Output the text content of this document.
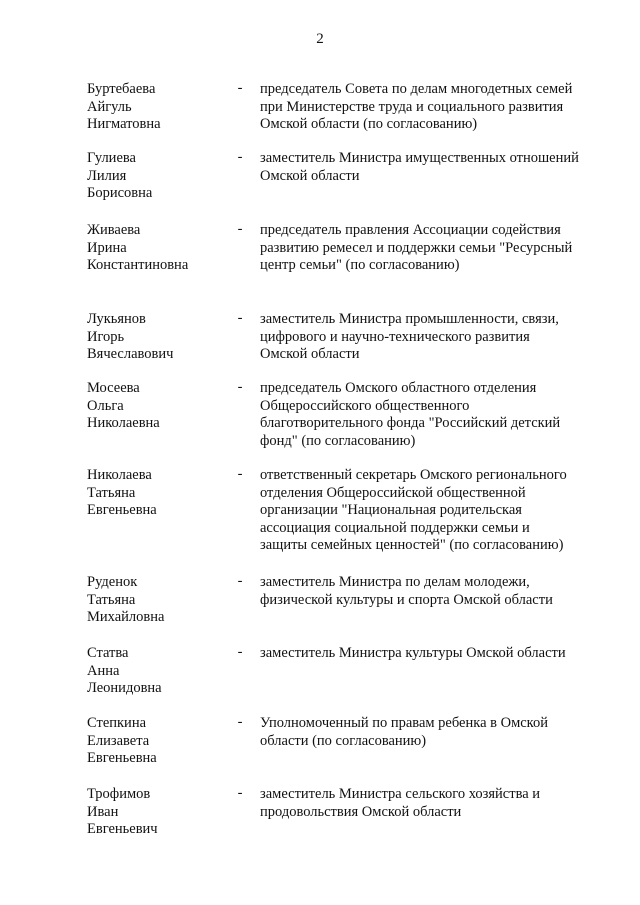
2
Буртебаева
Айгуль
Нигматовна
- председатель Совета по делам многодетных семей
при Министерстве труда и социального развития
Омской области (по согласованию)
Гулиева
Лилия
Борисовна
- заместитель Министра имущественных отношений
Омской области
Живаева
Ирина
Константиновна
- председатель правления Ассоциации содействия
развитию ремесел и поддержки семьи "Ресурсный
центр семьи" (по согласованию)
Лукьянов
Игорь
Вячеславович
- заместитель Министра промышленности, связи,
цифрового и научно-технического развития
Омской области
Мосеева
Ольга
Николаевна
- председатель Омского областного отделения
Общероссийского общественного
благотворительного фонда "Российский детский
фонд" (по согласованию)
Николаева
Татьяна
Евгеньевна
- ответственный секретарь Омского регионального
отделения Общероссийской общественной
организации "Национальная родительская
ассоциация социальной поддержки семьи и
защиты семейных ценностей" (по согласованию)
Руденок
Татьяна
Михайловна
- заместитель Министра по делам молодежи,
физической культуры и спорта Омской области
Статва
Анна
Леонидовна
- заместитель Министра культуры Омской области
Степкина
Елизавета
Евгеньевна
- Уполномоченный по правам ребенка в Омской
области (по согласованию)
Трофимов
Иван
Евгеньевич
- заместитель Министра сельского хозяйства и
продовольствия Омской области
